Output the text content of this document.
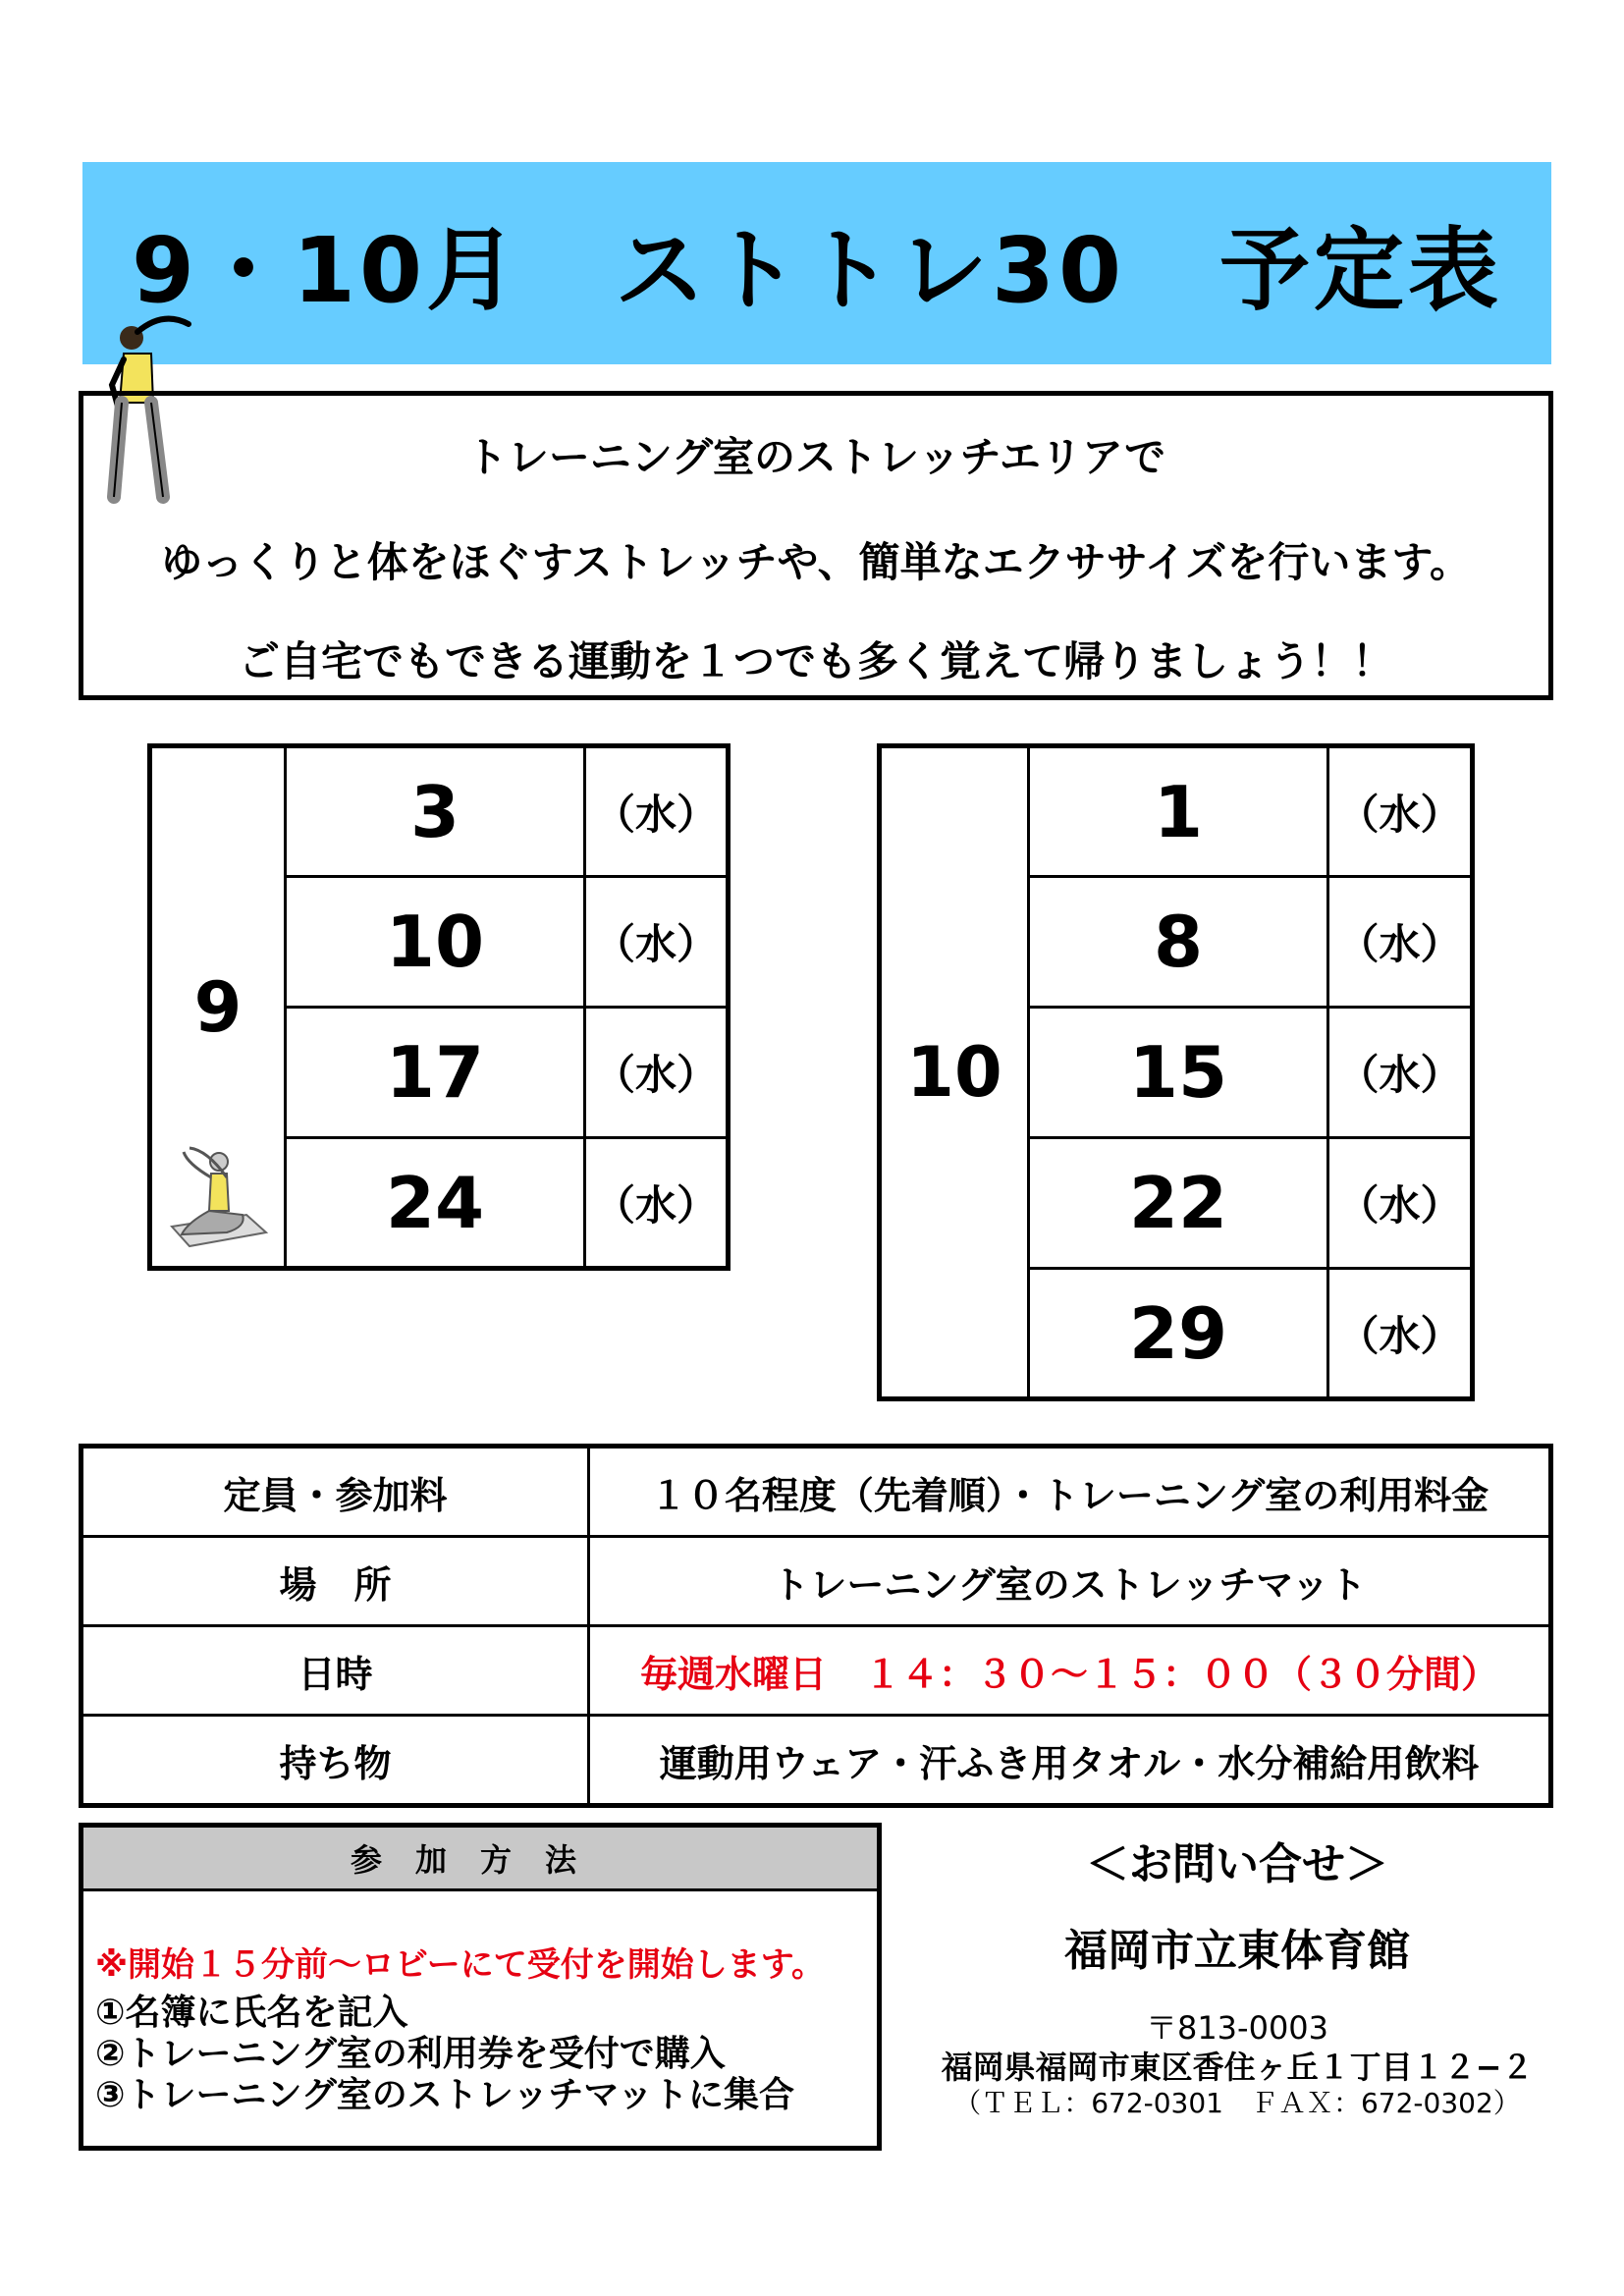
9・10月　ストトレ30　予定表
トレーニング室のストレッチエリアで
ゆっくりと体をほぐすストレッチや、簡単なエクササイズを行います。
ご自宅でもできる運動を１つでも多く覚えて帰りましょう！！
9	3	（水）
	10	（水）
	17	（水）
	24	（水）
10	1	（水）
	8	（水）
	15	（水）
	22	（水）
	29	（水）
定員・参加料	１０名程度（先着順）・トレーニング室の利用料金
場　所	トレーニング室のストレッチマット
日時	毎週水曜日　１４：３０～１５：００（３０分間）
持ち物	運動用ウェア・汗ふき用タオル・水分補給用飲料
参加方法
※開始１５分前～ロビーにて受付を開始します。
①名簿に氏名を記入
②トレーニング室の利用券を受付で購入
③トレーニング室のストレッチマットに集合
＜お問い合せ＞
福岡市立東体育館
〒813-0003
福岡県福岡市東区香住ヶ丘１丁目１２−２
（ＴＥＬ：672-0301　ＦＡＸ：672-0302）
